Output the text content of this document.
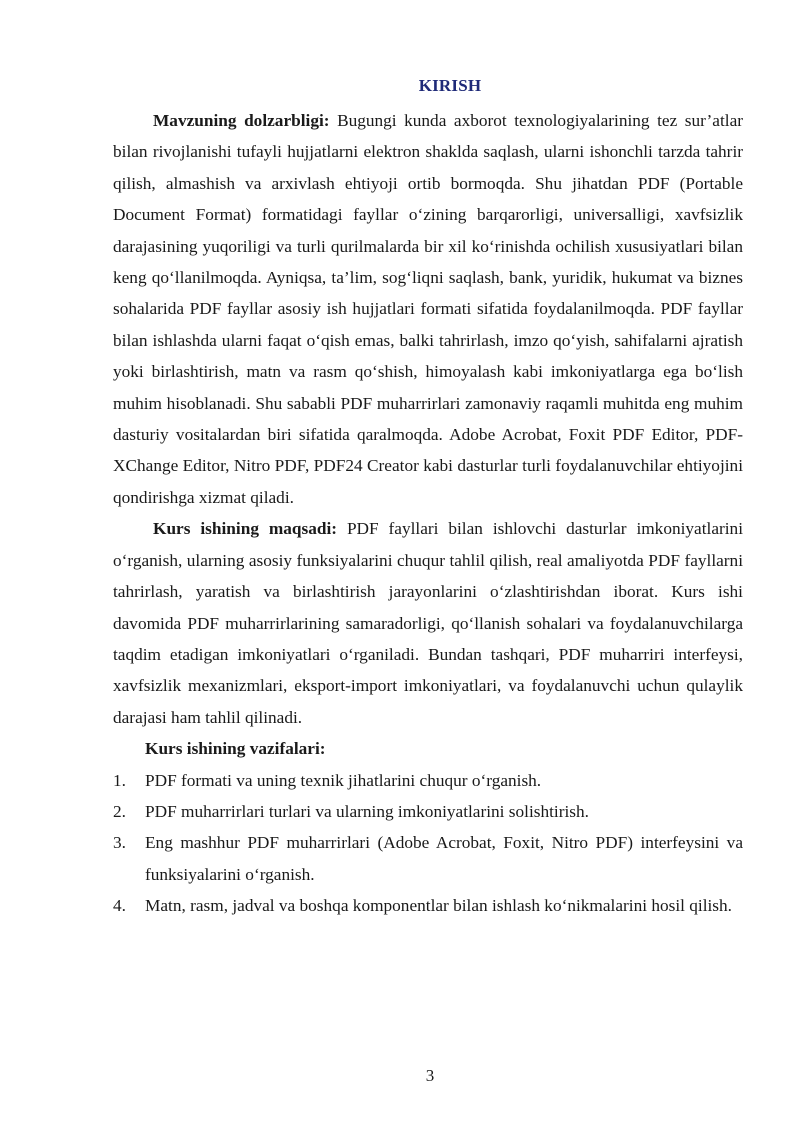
KIRISH

Mavzuning dolzarbligi: Bugungi kunda axborot texnologiyalarining tez sur’atlar bilan rivojlanishi tufayli hujjatlarni elektron shaklda saqlash, ularni ishonchli tarzda tahrir qilish, almashish va arxivlash ehtiyoji ortib bormoqda. Shu jihatdan PDF (Portable Document Format) formatidagi fayllar o‘zining barqarorligi, universalligi, xavfsizlik darajasining yuqoriligi va turli qurilmalarda bir xil ko‘rinishda ochilish xususiyatlari bilan keng qo‘llanilmoqda. Ayniqsa, ta’lim, sog‘liqni saqlash, bank, yuridik, hukumat va biznes sohalarida PDF fayllar asosiy ish hujjatlari formati sifatida foydalanilmoqda. PDF fayllar bilan ishlashda ularni faqat o‘qish emas, balki tahrirlash, imzo qo‘yish, sahifalarni ajratish yoki birlashtirish, matn va rasm qo‘shish, himoyalash kabi imkoniyatlarga ega bo‘lish muhim hisoblanadi. Shu sababli PDF muharrirlari zamonaviy raqamli muhitda eng muhim dasturiy vositalardan biri sifatida qaralmoqda. Adobe Acrobat, Foxit PDF Editor, PDF-XChange Editor, Nitro PDF, PDF24 Creator kabi dasturlar turli foydalanuvchilar ehtiyojini qondirishga xizmat qiladi.

Kurs ishining maqsadi: PDF fayllari bilan ishlovchi dasturlar imkoniyatlarini o‘rganish, ularning asosiy funksiyalarini chuqur tahlil qilish, real amaliyotda PDF fayllarni tahrirlash, yaratish va birlashtirish jarayonlarini o‘zlashtirishdan iborat. Kurs ishi davomida PDF muharrirlarining samaradorligi, qo‘llanish sohalari va foydalanuvchilarga taqdim etadigan imkoniyatlari o‘rganiladi. Bundan tashqari, PDF muharriri interfeysi, xavfsizlik mexanizmlari, eksport-import imkoniyatlari, va foydalanuvchi uchun qulaylik darajasi ham tahlil qilinadi.

Kurs ishining vazifalari:

1. PDF formati va uning texnik jihatlarini chuqur o‘rganish.
2. PDF muharrirlari turlari va ularning imkoniyatlarini solishtirish.
3. Eng mashhur PDF muharrirlari (Adobe Acrobat, Foxit, Nitro PDF) interfeysini va funksiyalarini o‘rganish.
4. Matn, rasm, jadval va boshqa komponentlar bilan ishlash ko‘nikmalarini hosil qilish.
3
